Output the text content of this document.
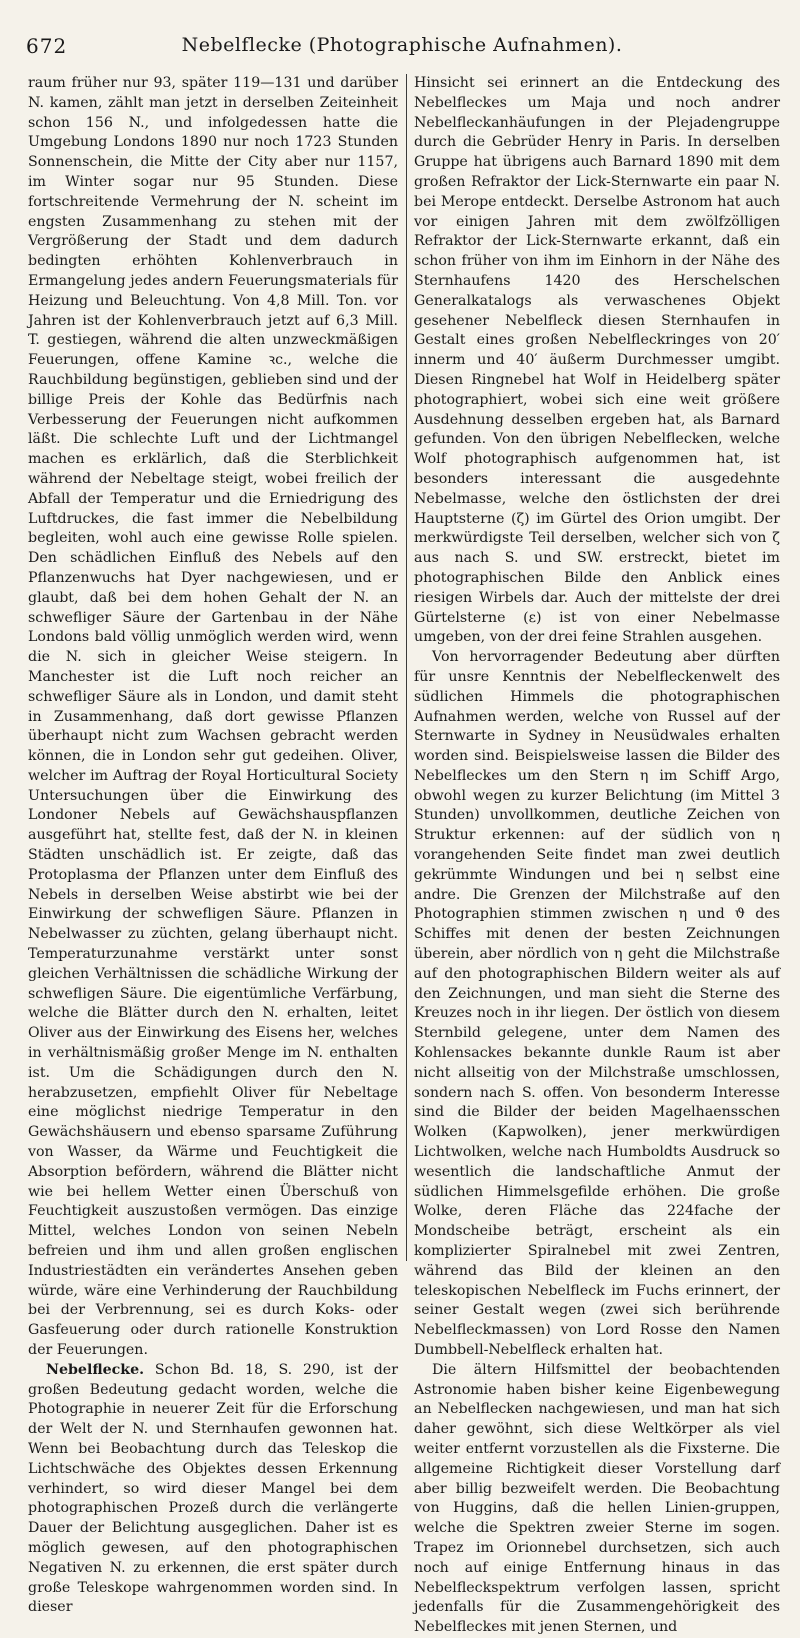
672	Nebelflecke (Photographische Aufnahmen).

raum früher nur 93, später 119—131 und darüber N. kamen, zählt man jetzt in derselben Zeiteinheit schon 156 N., und infolgedessen hatte die Umgebung Londons 1890 nur noch 1723 Stunden Sonnenschein, die Mitte der City aber nur 1157, im Winter sogar nur 95 Stunden. Diese fortschreitende Vermehrung der N. scheint im engsten Zusammenhang zu stehen mit der Vergrößerung der Stadt und dem dadurch bedingten erhöhten Kohlenverbrauch in Ermangelung jedes andern Feuerungsmaterials für Heizung und Beleuchtung. Von 4,8 Mill. Ton. vor Jahren ist der Kohlenverbrauch jetzt auf 6,3 Mill. T. gestiegen, während die alten unzweckmäßigen Feuerungen, offene Kamine ꝛc., welche die Rauchbildung begünstigen, geblieben sind und der billige Preis der Kohle das Bedürfnis nach Verbesserung der Feuerungen nicht aufkommen läßt. Die schlechte Luft und der Lichtmangel machen es erklärlich, daß die Sterblichkeit während der Nebeltage steigt, wobei freilich der Abfall der Temperatur und die Erniedrigung des Luftdruckes, die fast immer die Nebelbildung begleiten, wohl auch eine gewisse Rolle spielen. Den schädlichen Einfluß des Nebels auf den Pflanzenwuchs hat Dyer nachgewiesen, und er glaubt, daß bei dem hohen Gehalt der N. an schwefliger Säure der Gartenbau in der Nähe Londons bald völlig unmöglich werden wird, wenn die N. sich in gleicher Weise steigern. In Manchester ist die Luft noch reicher an schwefliger Säure als in London, und damit steht in Zusammenhang, daß dort gewisse Pflanzen überhaupt nicht zum Wachsen gebracht werden können, die in London sehr gut gedeihen. Oliver, welcher im Auftrag der Royal Horticultural Society Untersuchungen über die Einwirkung des Londoner Nebels auf Gewächshauspflanzen ausgeführt hat, stellte fest, daß der N. in kleinen Städten unschädlich ist. Er zeigte, daß das Protoplasma der Pflanzen unter dem Einfluß des Nebels in derselben Weise abstirbt wie bei der Einwirkung der schwefligen Säure. Pflanzen in Nebelwasser zu züchten, gelang überhaupt nicht. Temperaturzunahme verstärkt unter sonst gleichen Verhältnissen die schädliche Wirkung der schwefligen Säure. Die eigentümliche Verfärbung, welche die Blätter durch den N. erhalten, leitet Oliver aus der Einwirkung des Eisens her, welches in verhältnismäßig großer Menge im N. enthalten ist. Um die Schädigungen durch den N. herabzusetzen, empfiehlt Oliver für Nebeltage eine möglichst niedrige Temperatur in den Gewächshäusern und ebenso sparsame Zuführung von Wasser, da Wärme und Feuchtigkeit die Absorption befördern, während die Blätter nicht wie bei hellem Wetter einen Überschuß von Feuchtigkeit auszustoßen vermögen. Das einzige Mittel, welches London von seinen Nebeln befreien und ihm und allen großen englischen Industriestädten ein verändertes Ansehen geben würde, wäre eine Verhinderung der Rauchbildung bei der Verbrennung, sei es durch Koks- oder Gasfeuerung oder durch rationelle Konstruktion der Feuerungen.

Nebelflecke. Schon Bd. 18, S. 290, ist der großen Bedeutung gedacht worden, welche die Photographie in neuerer Zeit für die Erforschung der Welt der N. und Sternhaufen gewonnen hat. Wenn bei Beobachtung durch das Teleskop die Lichtschwäche des Objektes dessen Erkennung verhindert, so wird dieser Mangel bei dem photographischen Prozeß durch die verlängerte Dauer der Belichtung ausgeglichen. Daher ist es möglich gewesen, auf den photographischen Negativen N. zu erkennen, die erst später durch große Teleskope wahrgenommen worden sind. In dieser

Hinsicht sei erinnert an die Entdeckung des Nebelfleckes um Maja und noch andrer Nebelfleckanhäufungen in der Plejadengruppe durch die Gebrüder Henry in Paris. In derselben Gruppe hat übrigens auch Barnard 1890 mit dem großen Refraktor der Lick-Sternwarte ein paar N. bei Merope entdeckt. Derselbe Astronom hat auch vor einigen Jahren mit dem zwölfzölligen Refraktor der Lick-Sternwarte erkannt, daß ein schon früher von ihm im Einhorn in der Nähe des Sternhaufens 1420 des Herschelschen Generalkatalogs als verwaschenes Objekt gesehener Nebelfleck diesen Sternhaufen in Gestalt eines großen Nebelfleckringes von 20′ innerm und 40′ äußerm Durchmesser umgibt. Diesen Ringnebel hat Wolf in Heidelberg später photographiert, wobei sich eine weit größere Ausdehnung desselben ergeben hat, als Barnard gefunden. Von den übrigen Nebelflecken, welche Wolf photographisch aufgenommen hat, ist besonders interessant die ausgedehnte Nebelmasse, welche den östlichsten der drei Hauptsterne (ζ) im Gürtel des Orion umgibt. Der merkwürdigste Teil derselben, welcher sich von ζ aus nach S. und SW. erstreckt, bietet im photographischen Bilde den Anblick eines riesigen Wirbels dar. Auch der mittelste der drei Gürtelsterne (ε) ist von einer Nebelmasse umgeben, von der drei feine Strahlen ausgehen.

Von hervorragender Bedeutung aber dürften für unsre Kenntnis der Nebelfleckenwelt des südlichen Himmels die photographischen Aufnahmen werden, welche von Russel auf der Sternwarte in Sydney in Neusüdwales erhalten worden sind. Beispielsweise lassen die Bilder des Nebelfleckes um den Stern η im Schiff Argo, obwohl wegen zu kurzer Belichtung (im Mittel 3 Stunden) unvollkommen, deutliche Zeichen von Struktur erkennen: auf der südlich von η vorangehenden Seite findet man zwei deutlich gekrümmte Windungen und bei η selbst eine andre. Die Grenzen der Milchstraße auf den Photographien stimmen zwischen η und ϑ des Schiffes mit denen der besten Zeichnungen überein, aber nördlich von η geht die Milchstraße auf den photographischen Bildern weiter als auf den Zeichnungen, und man sieht die Sterne des Kreuzes noch in ihr liegen. Der östlich von diesem Sternbild gelegene, unter dem Namen des Kohlensackes bekannte dunkle Raum ist aber nicht allseitig von der Milchstraße umschlossen, sondern nach S. offen. Von besonderm Interesse sind die Bilder der beiden Magelhaensschen Wolken (Kapwolken), jener merkwürdigen Lichtwolken, welche nach Humboldts Ausdruck so wesentlich die landschaftliche Anmut der südlichen Himmelsgefilde erhöhen. Die große Wolke, deren Fläche das 224fache der Mondscheibe beträgt, erscheint als ein komplizierter Spiralnebel mit zwei Zentren, während das Bild der kleinen an den teleskopischen Nebelfleck im Fuchs erinnert, der seiner Gestalt wegen (zwei sich berührende Nebelfleckmassen) von Lord Rosse den Namen Dumbbell-Nebelfleck erhalten hat.

Die ältern Hilfsmittel der beobachtenden Astronomie haben bisher keine Eigenbewegung an Nebelflecken nachgewiesen, und man hat sich daher gewöhnt, sich diese Weltkörper als viel weiter entfernt vorzustellen als die Fixsterne. Die allgemeine Richtigkeit dieser Vorstellung darf aber billig bezweifelt werden. Die Beobachtung von Huggins, daß die hellen Linien-gruppen, welche die Spektren zweier Sterne im sogen. Trapez im Orionnebel durchsetzen, sich auch noch auf einige Entfernung hinaus in das Nebelfleckspektrum verfolgen lassen, spricht jedenfalls für die Zusammengehörigkeit des Nebelfleckes mit jenen Sternen, und
